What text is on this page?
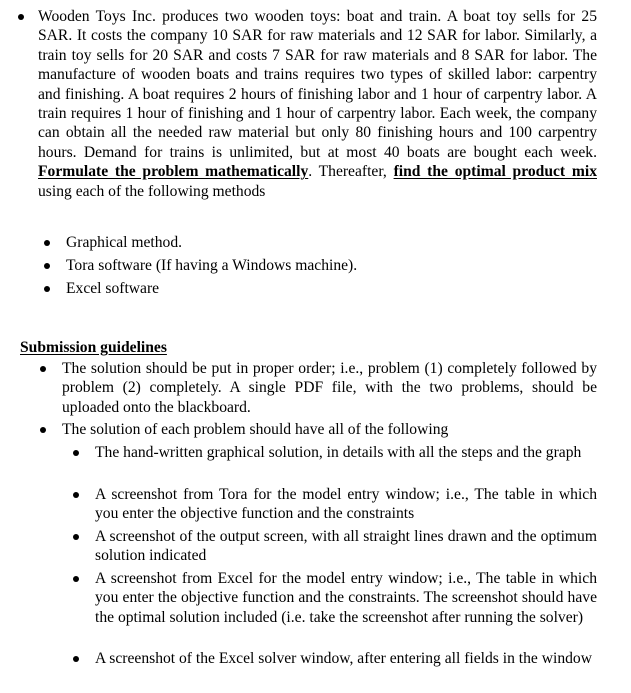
Wooden Toys Inc. produces two wooden toys: boat and train. A boat toy sells for 25 SAR. It costs the company 10 SAR for raw materials and 12 SAR for labor. Similarly, a train toy sells for 20 SAR and costs 7 SAR for raw materials and 8 SAR for labor. The manufacture of wooden boats and trains requires two types of skilled labor: carpentry and finishing. A boat requires 2 hours of finishing labor and 1 hour of carpentry labor. A train requires 1 hour of finishing and 1 hour of carpentry labor. Each week, the company can obtain all the needed raw material but only 80 finishing hours and 100 carpentry hours. Demand for trains is unlimited, but at most 40 boats are bought each week. Formulate the problem mathematically. Thereafter, find the optimal product mix using each of the following methods
Graphical method.
Tora software (If having a Windows machine).
Excel software
Submission guidelines
The solution should be put in proper order; i.e., problem (1) completely followed by problem (2) completely. A single PDF file, with the two problems, should be uploaded onto the blackboard.
The solution of each problem should have all of the following
The hand-written graphical solution, in details with all the steps and the graph
A screenshot from Tora for the model entry window; i.e., The table in which you enter the objective function and the constraints
A screenshot of the output screen, with all straight lines drawn and the optimum solution indicated
A screenshot from Excel for the model entry window; i.e., The table in which you enter the objective function and the constraints. The screenshot should have the optimal solution included (i.e. take the screenshot after running the solver)
A screenshot of the Excel solver window, after entering all fields in the window
